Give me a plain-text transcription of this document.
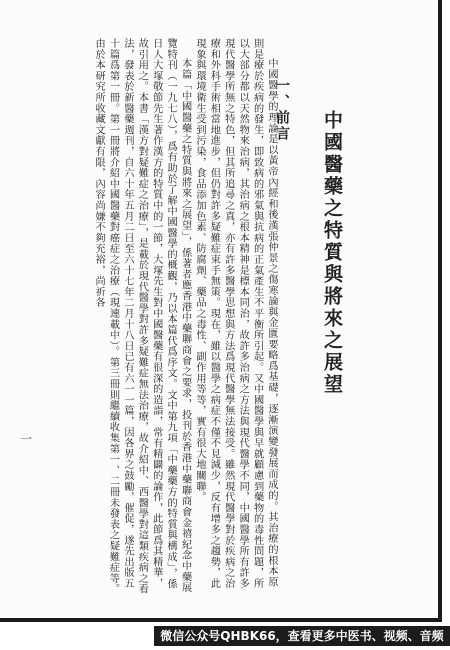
中國醫藥之特質與將來之展望
一、前言

中國醫學的理論是以黃帝內經和後漢張仲景之傷寒論與金匱要略爲基礎，逐漸演變發展而成的。其治療的根本原則是療於疾病的發生，即致病的邪氣與抗病的正氣產生不平衡所引起。又中國醫學與早就顧慮到藥物的毒性問題，所以大部分都以天然物來治病，其治病之根本精神是標本同治，故許多治病之方法與現代醫學不同，中國醫學所有許多現代醫學所無之特色，但其所追尋之真，亦有許多醫學思想與方法爲現代醫學無法接受。雖然現代醫學對於疾病之治療和外科手術相當地進步，但仍對許多疑難症束手無策。現在，雖以醫學之病症不僅不見減少，反有增多之趨勢，此現象與環境衛生受到污染，食品添加色素、防腐劑、藥品之毒性、副作用等等，實有很大地關聯。

本篇「中國醫藥之特質與將來之展望」，係著者應香港中藥聯商會之要求，投刊於香港中藥聯商會金禧紀念中藥展覽特刊（一九七八），爲有助於了解中國醫學的概觀，乃以本篇代爲序文。文中第九項「中藥藥方的特質與構成」，係日人大塚敬節先生著作漢方的特質中的一節，大塚先生對中國醫藥有很深的造詣，常有精闢的論作，此節爲其精華，故引用之。本書「漢方對疑難症之治療」，是載於現代醫學對許多疑難症無法治療，故介紹中、西醫學對這類疾病之看法，發表於新醫藥週刊，自六十年五月二日至六十七年二月十八日已有六一一篇，因各界之鼓勵，催促，遂先出版五十篇爲第一冊。第一冊將介紹中國醫藥對癌症之治療（現連載中）。第三冊則繼續收集第一、二冊未發表之疑難症等。由於本研究所收藏文獻有限，內容尚嫌不夠充裕，尚祈各

一
微信公众号QHBK66，查看更多中医书、视频、音频
